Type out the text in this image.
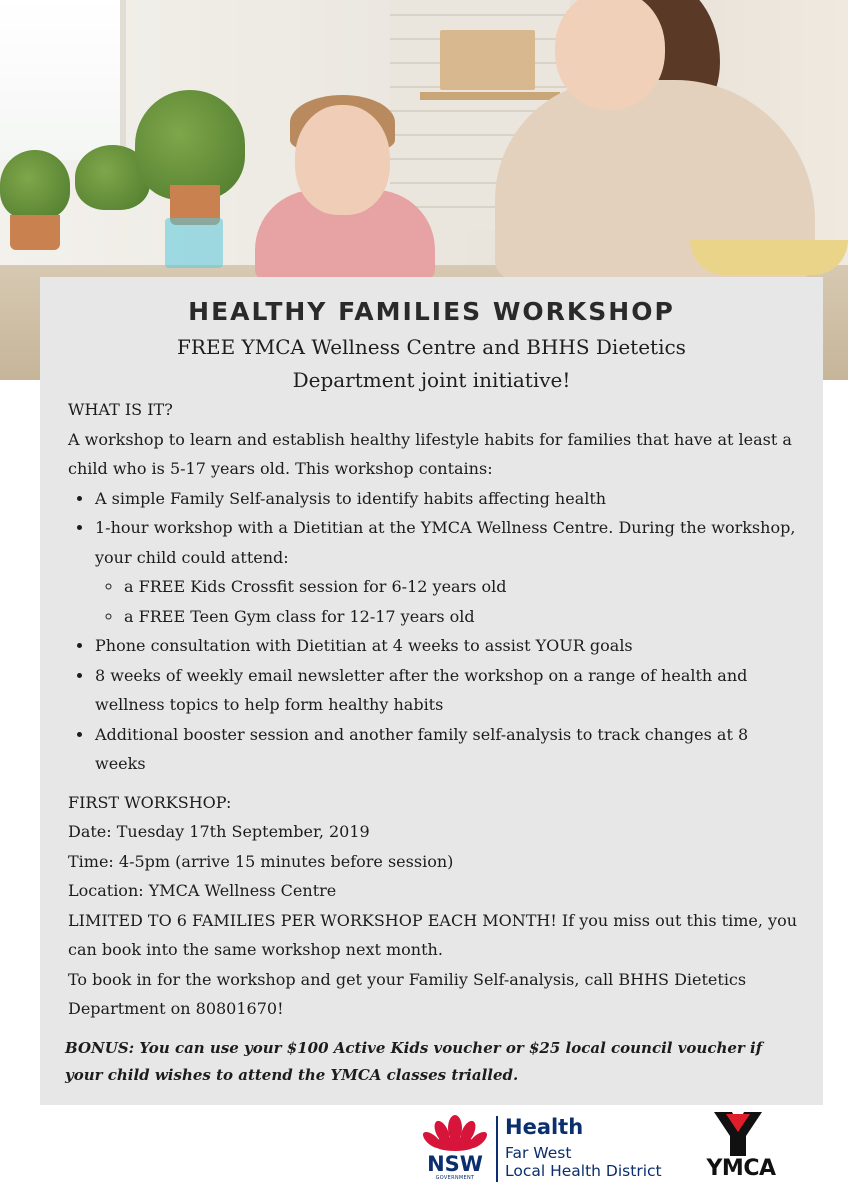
HEALTHY FAMILIES WORKSHOP
FREE YMCA Wellness Centre and BHHS Dietetics
Department joint initiative!

WHAT IS IT?

A workshop to learn and establish healthy lifestyle habits for families that have at least a child who is 5-17 years old. This workshop contains:

• A simple Family Self-analysis to identify habits affecting health
• 1-hour workshop with a Dietitian at the YMCA Wellness Centre. During the workshop, your child could attend:
◦ a FREE Kids Crossfit session for 6-12 years old
◦ a FREE Teen Gym class for 12-17 years old
• Phone consultation with Dietitian at 4 weeks to assist YOUR goals
• 8 weeks of weekly email newsletter after the workshop on a range of health and wellness topics to help form healthy habits
• Additional booster session and another family self-analysis to track changes at 8 weeks

FIRST WORKSHOP:

Date: Tuesday 17th September, 2019

Time: 4-5pm (arrive 15 minutes before session)

Location: YMCA Wellness Centre

LIMITED TO 6 FAMILIES PER WORKSHOP EACH MONTH! If you miss out this time, you can book into the same workshop next month.

To book in for the workshop and get your Familiy Self-analysis, call BHHS Dietetics Department on 80801670!

BONUS: You can use your $100 Active Kids voucher or $25 local council voucher if your child wishes to attend the YMCA classes trialled.
NSW
GOVERNMENT
Health
Far West
Local Health District YMCA
